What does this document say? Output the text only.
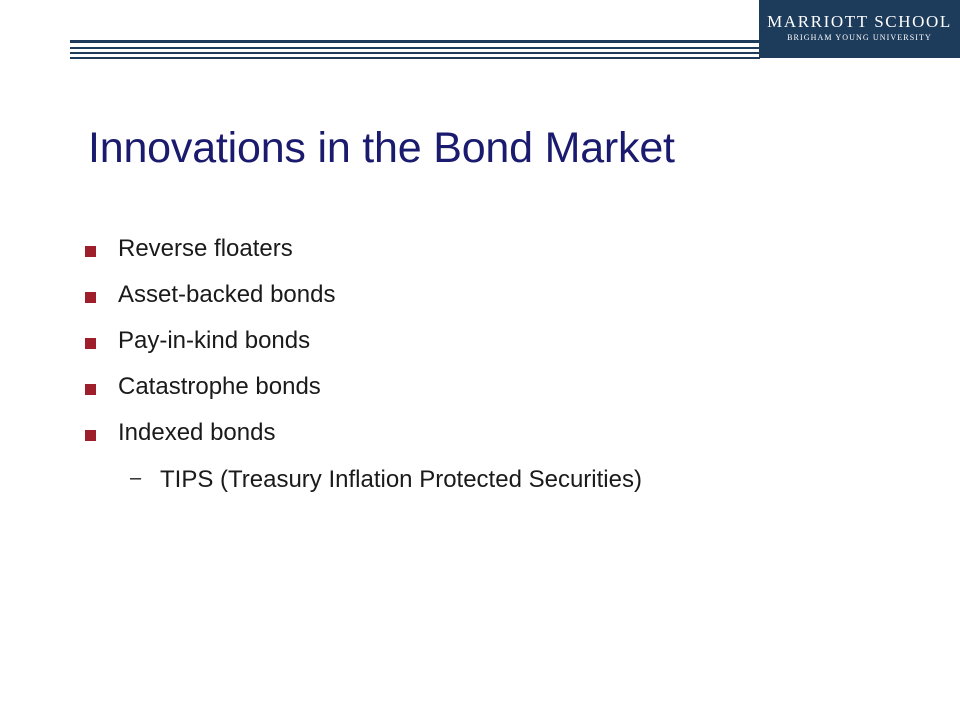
MARRIOTT SCHOOL
BRIGHAM YOUNG UNIVERSITY
Innovations in the Bond Market
Reverse floaters
Asset-backed bonds
Pay-in-kind bonds
Catastrophe bonds
Indexed bonds
– TIPS (Treasury Inflation Protected Securities)
